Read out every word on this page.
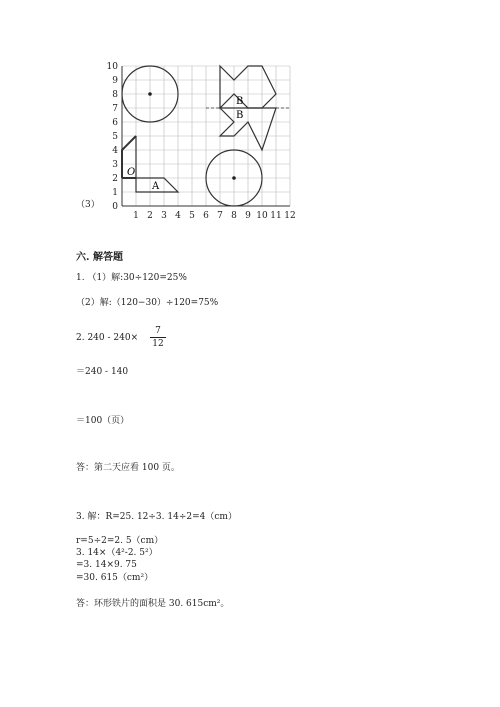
0
1
2
3
4
5
6
7
8
9
10
1 2 3 4 5 6 7 8 9 10 11 12
O
A
B
B
（3）
六. 解答题
1. （1）解:30÷120=25%
（2）解:（120−30）÷120=75%
2. 240 - 240×
7
12
＝240 - 140
＝100（页）
答：第二天应看 100 页。
3. 解：R=25. 12÷3. 14÷2=4（cm）
r=5÷2=2. 5（cm）
3. 14×（4²-2. 5²）
=3. 14×9. 75
=30. 615（cm²）
答：环形铁片的面积是 30. 615cm²。
